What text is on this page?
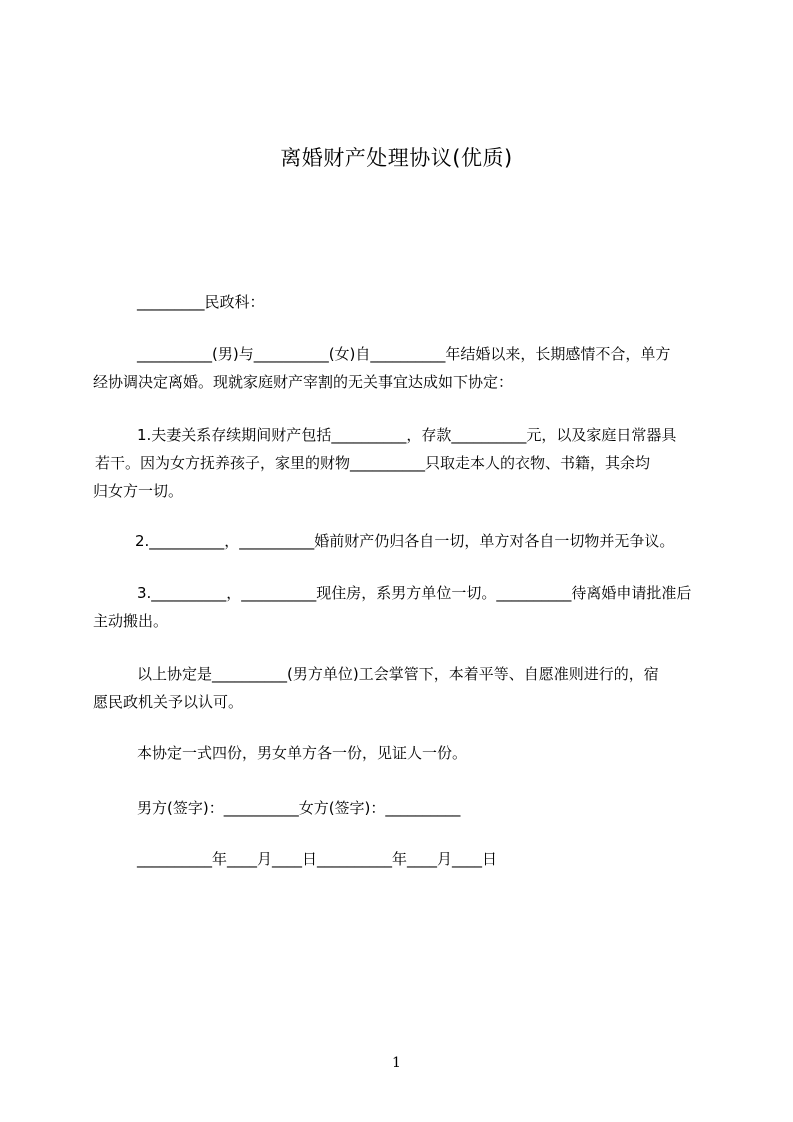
离婚财产处理协议(优质)
_________民政科：
__________(男)与__________(女)自__________年结婚以来，长期感情不合，单方
经协调决定离婚。现就家庭财产宰割的无关事宜达成如下协定：
1.夫妻关系存续期间财产包括__________，存款__________元，以及家庭日常器具
若干。因为女方抚养孩子，家里的财物__________只取走本人的衣物、书籍，其余均
归女方一切。
2.__________，__________婚前财产仍归各自一切，单方对各自一切物并无争议。
3.__________，__________现住房，系男方单位一切。__________待离婚申请批准后
主动搬出。
以上协定是__________(男方单位)工会掌管下，本着平等、自愿准则进行的，宿
愿民政机关予以认可。
本协定一式四份，男女单方各一份，见证人一份。
男方(签字)：__________女方(签字)：__________
__________年____月____日__________年____月____日
1
